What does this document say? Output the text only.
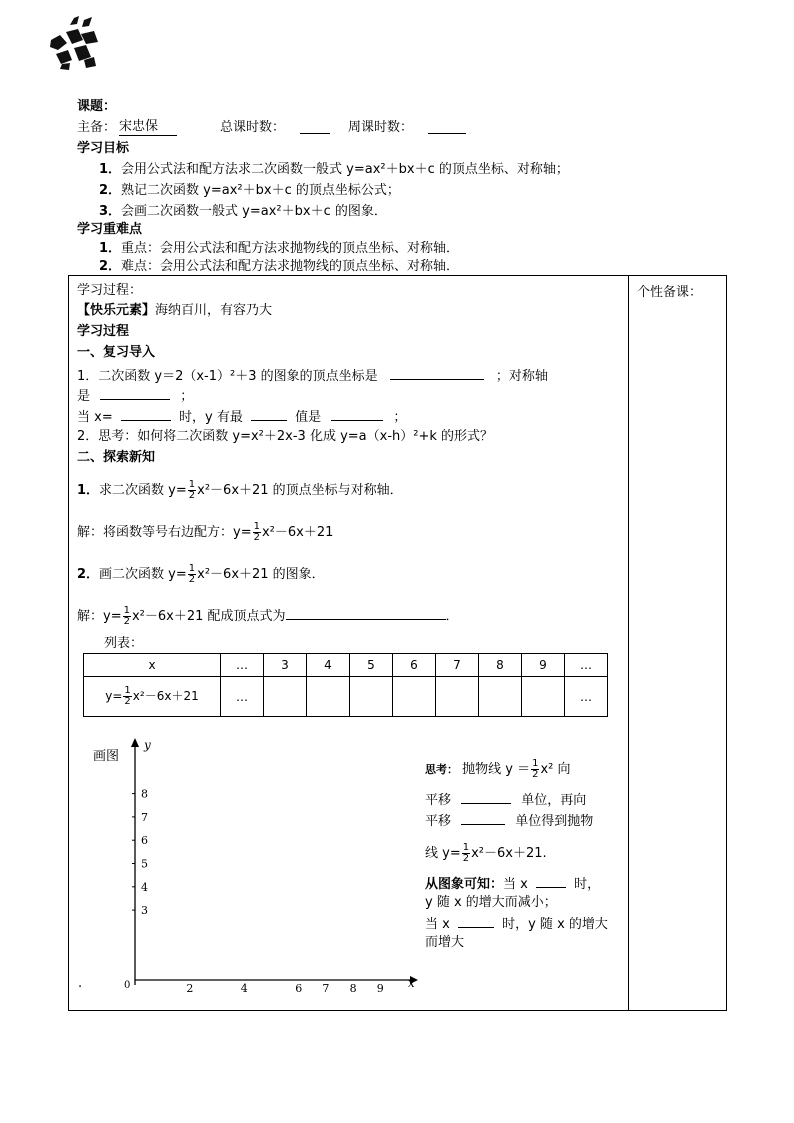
课题：
主备： 宋忠保	总课时数：	周课时数：
学习目标
1．会用公式法和配方法求二次函数一般式 y=ax²＋bx＋c 的顶点坐标、对称轴；
2．熟记二次函数 y=ax²＋bx＋c 的顶点坐标公式；
3．会画二次函数一般式 y=ax²＋bx＋c 的图象．
学习重难点
1．重点：会用公式法和配方法求抛物线的顶点坐标、对称轴．
2．难点：会用公式法和配方法求抛物线的顶点坐标、对称轴．
学习过程：	个性备课：
【快乐元素】海纳百川，有容乃大
学习过程
一、复习导入
1．二次函数 y＝2（x-1）²＋3 的图象的顶点坐标是	；对称轴
是	；
当 x=	时，y 有最	值是	；
2．思考：如何将二次函数 y=x²＋2x-3 化成 y=a（x-h）²+k 的形式？
二、探索新知
1．求二次函数 $y= \frac{1}{2} x^2-6x+21$ 的顶点坐标与对称轴．
解：将函数等号右边配方：$y= \frac{1}{2} x^2-6x+21$
2．画二次函数 $y= \frac{1}{2} x^2-6x+21$ 的图象．
解：$y= \frac{1}{2} x^2-6x+21$ 配成顶点式为	．
列表：
x	…	3	4	5	6	7	8	9	…
$y= \frac{1}{2} x^2-6x+21$	…								…
画图
.
y
x
0
3
4
5
6
7
8
2	4	6 7 8 9
思考： 抛物线 $y = \frac{1}{2} x^2$ 向
平移	单位，再向
平移	单位得到抛物
线 $y= \frac{1}{2} x^2-6x+21$.
从图象可知：当 x	时，
y 随 x 的增大而减小；
当 x	时，y 随 x 的增大
而增大
